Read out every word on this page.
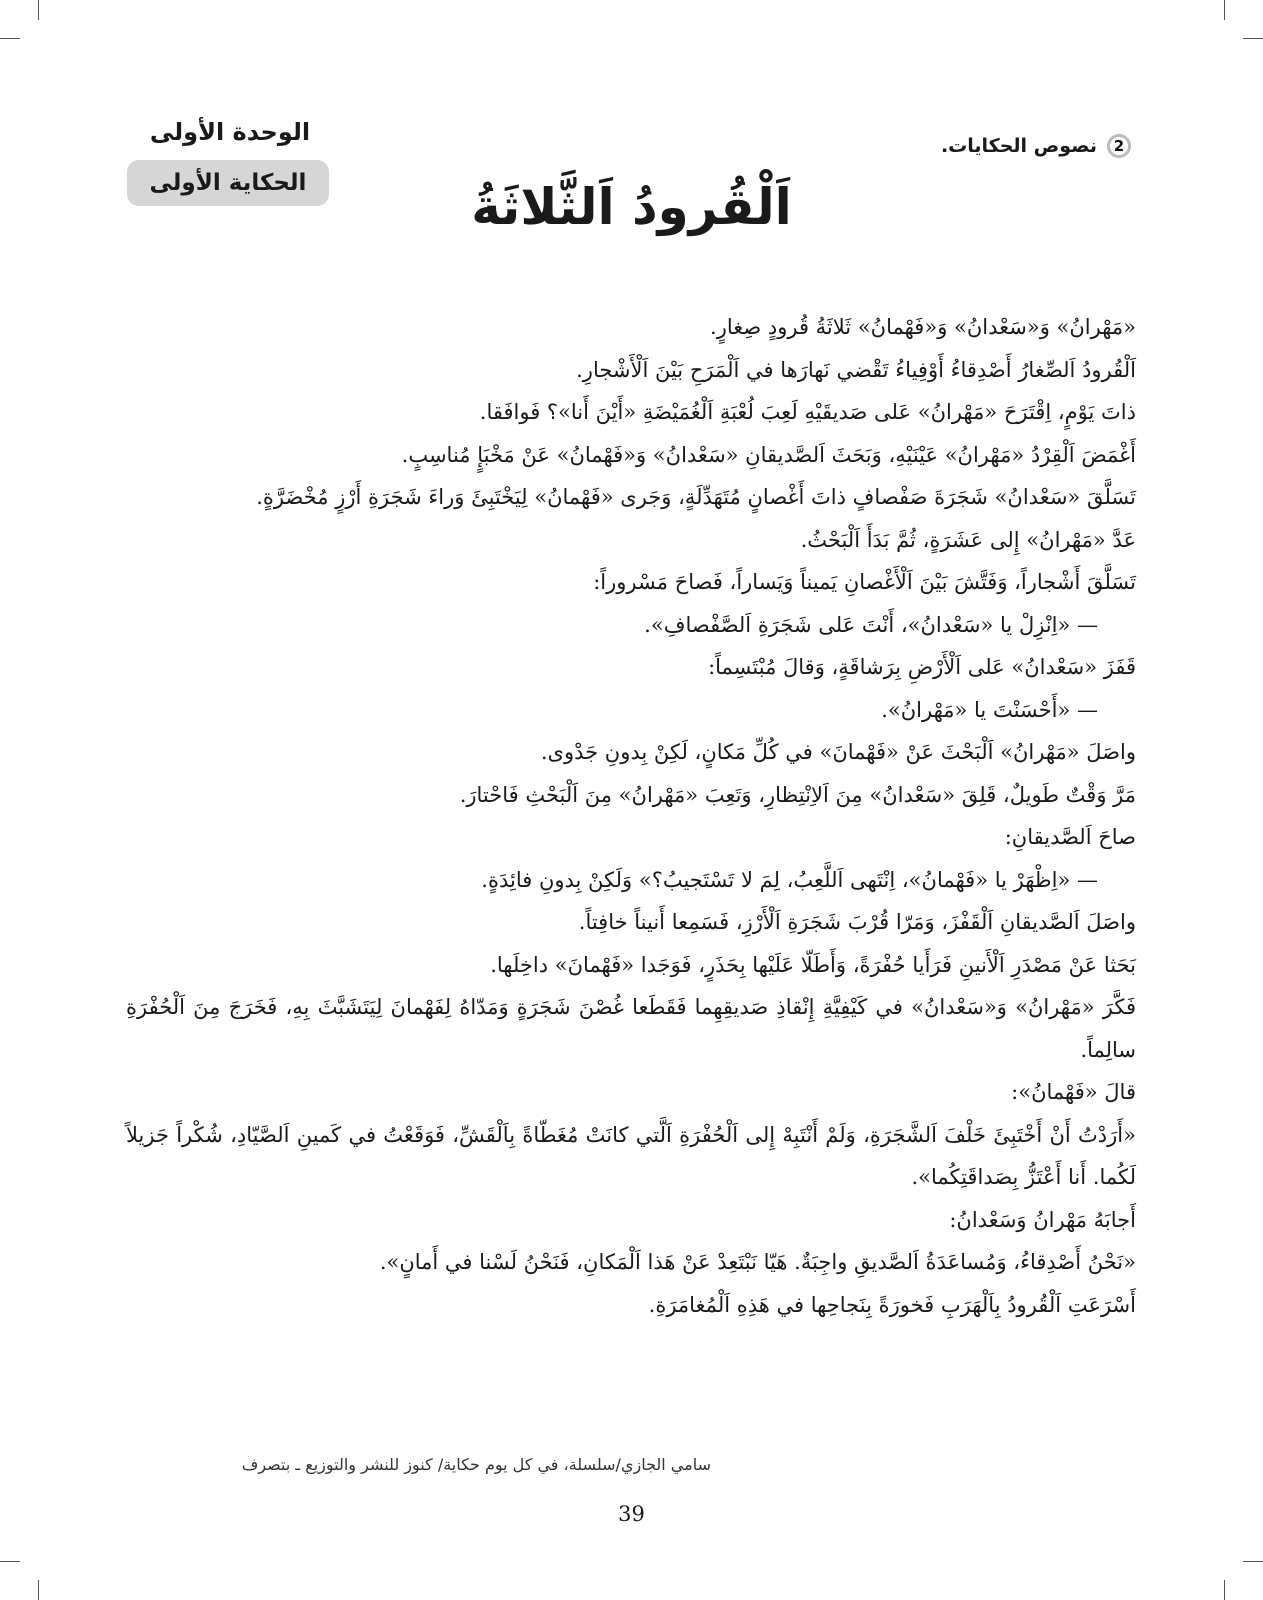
الوحدة الأولى
الحكاية الأولى
2
نصوص الحكايات.
اَلْقُرودُ اَلثَّلاثَةُ

«مَهْرانُ» وَ«سَعْدانُ» وَ«فَهْمانُ» ثَلاثَةُ قُرودٍ صِغارٍ.

اَلْقُرودُ اَلصِّغارُ أَصْدِقاءُ أَوْفِياءُ تَقْضي نَهارَها في اَلْمَرَحِ بَيْنَ اَلْأَشْجارِ.

ذاتَ يَوْمٍ، اِقْتَرَحَ «مَهْرانُ» عَلى صَديقَيْهِ لَعِبَ لُعْبَةِ اَلْغُمَيْضَةِ «أَيْنَ أَنا»؟ فَوافَقا.

أَغْمَضَ اَلْقِرْدُ «مَهْرانُ» عَيْنَيْهِ، وَبَحَثَ اَلصَّديقانِ «سَعْدانُ» وَ«فَهْمانُ» عَنْ مَخْبَإٍ مُناسِبٍ.

تَسَلَّقَ «سَعْدانُ» شَجَرَةَ صَفْصافٍ ذاتَ أَغْصانٍ مُتَهَدِّلَةٍ، وَجَرى «فَهْمانُ» لِيَخْتَبِئَ وَراءَ شَجَرَةِ أَرْزٍ مُخْضَرَّةٍ.

عَدَّ «مَهْرانُ» إِلى عَشَرَةٍ، ثُمَّ بَدَأَ اَلْبَحْثُ.

تَسَلَّقَ أَشْجاراً، وَفَتَّشَ بَيْنَ اَلْأَغْصانِ يَميناً وَيَساراً، فَصاحَ مَسْروراً:

— «اِنْزِلْ يا «سَعْدانُ»، أَنْتَ عَلى شَجَرَةِ اَلصَّفْصافِ».

قَفَزَ «سَعْدانُ» عَلى اَلْأَرْضِ بِرَشاقَةٍ، وَقالَ مُبْتَسِماً:

— «أَحْسَنْتَ يا «مَهْرانُ».

واصَلَ «مَهْرانُ» اَلْبَحْثَ عَنْ «فَهْمانَ» في كُلِّ مَكانٍ، لَكِنْ بِدونِ جَدْوى.

مَرَّ وَقْتٌ طَويلٌ، قَلِقَ «سَعْدانُ» مِنَ اَلاِنْتِظارِ، وَتَعِبَ «مَهْرانُ» مِنَ اَلْبَحْثِ فَاحْتارَ.

صاحَ اَلصَّديقانِ:

— «اِظْهَرْ يا «فَهْمانُ»، اِنْتَهى اَللَّعِبُ، لِمَ لا تَسْتَجيبُ؟» وَلَكِنْ بِدونِ فائِدَةٍ.

واصَلَ اَلصَّديقانِ اَلْقَفْزَ، وَمَرّا قُرْبَ شَجَرَةِ اَلْأَرْزِ، فَسَمِعا أَنيناً خافِتاً.

بَحَثا عَنْ مَصْدَرِ اَلْأَنينِ فَرَأَيا حُفْرَةً، وَأَطَلّا عَلَيْها بِحَذَرٍ، فَوَجَدا «فَهْمانَ» داخِلَها.

فَكَّرَ «مَهْرانُ» وَ«سَعْدانُ» في كَيْفِيَّةِ إِنْقاذِ صَديقِهِما فَقَطَعا غُصْنَ شَجَرَةٍ وَمَدّاهُ لِفَهْمانَ لِيَتَشَبَّثَ بِهِ، فَخَرَجَ مِنَ اَلْحُفْرَةِ سالِماً.

قالَ «فَهْمانُ»:

«أَرَدْتُ أَنْ أَخْتَبِئَ خَلْفَ اَلشَّجَرَةِ، وَلَمْ أَنْتَبِهْ إِلى اَلْحُفْرَةِ اَلَّتي كانَتْ مُغَطّاةً بِاَلْقَشِّ، فَوَقَعْتُ في كَمينِ اَلصَّيّادِ، شُكْراً جَزيلاً لَكُما. أَنا أَعْتَزُّ بِصَداقَتِكُما».

أَجابَهُ مَهْرانُ وَسَعْدانُ:

«نَحْنُ أَصْدِقاءُ، وَمُساعَدَةُ اَلصَّديقِ واجِبَةٌ. هَيّا نَبْتَعِدْ عَنْ هَذا اَلْمَكانِ، فَنَحْنُ لَسْنا في أَمانٍ».

أَسْرَعَتِ اَلْقُرودُ بِاَلْهَرَبِ فَخورَةً بِنَجاحِها في هَذِهِ اَلْمُغامَرَةِ.

سامي الجازي/سلسلة، في كل يوم حكاية/ كنوز للنشر والتوزيع ـ بتصرف
39
